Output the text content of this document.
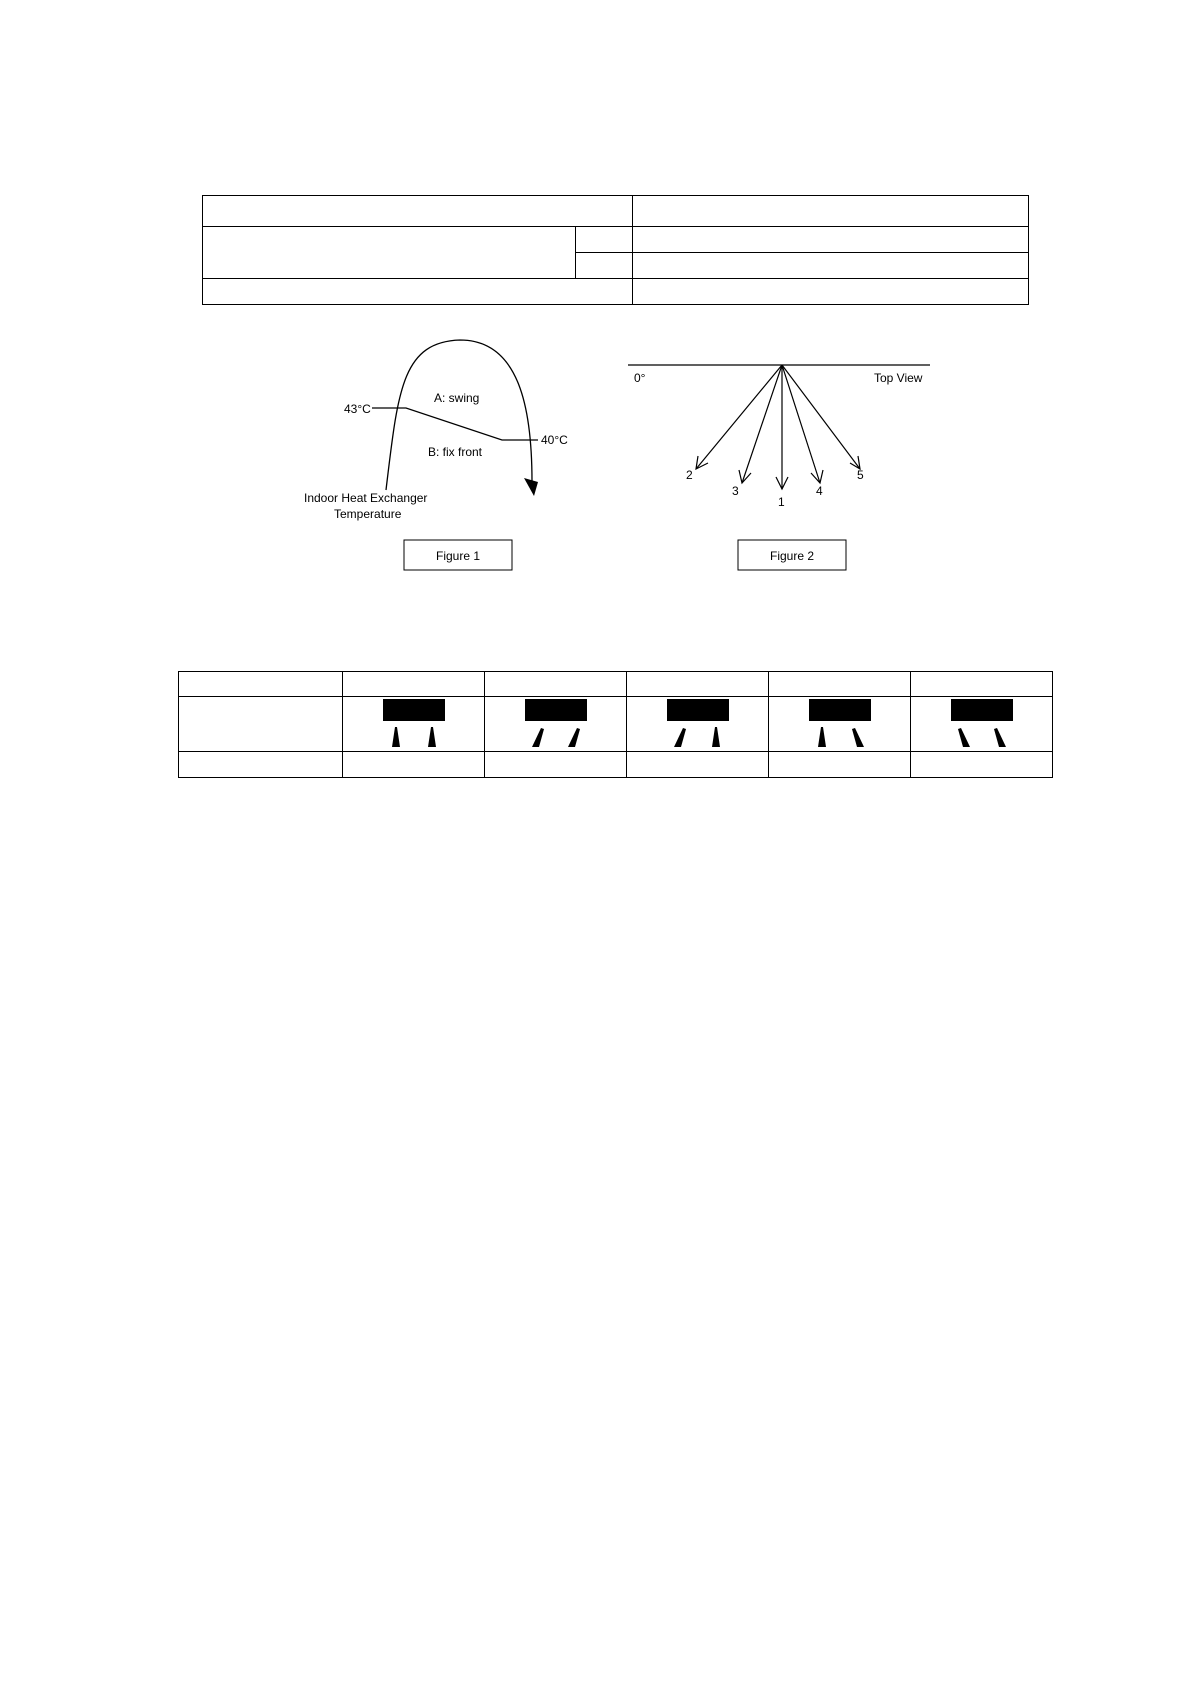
43°C
40°C
A: swing
B: fix front
Indoor Heat Exchanger
Temperature
Figure 1
0°	Top View
1
2
3	4
5
Figure 2
